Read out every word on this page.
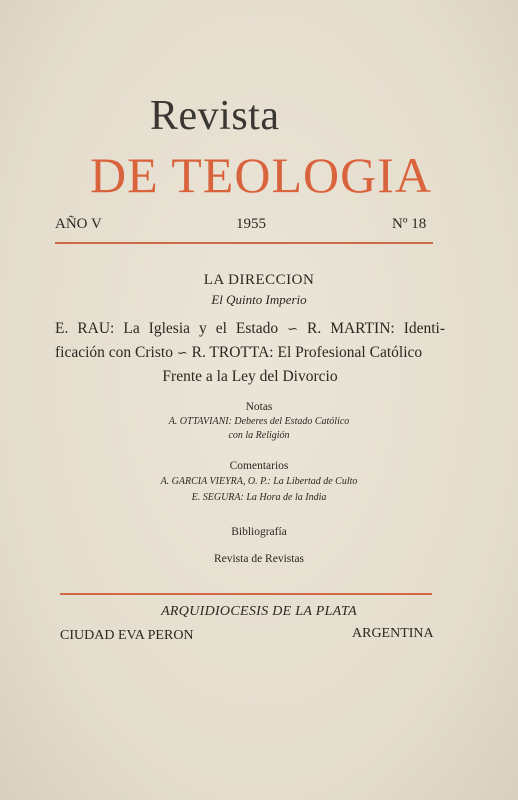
Revista
DE TEOLOGIA
AÑO V	1955	Nº 18
LA DIRECCION
El Quinto Imperio
E. RAU: La Iglesia y el Estado ∽ R. MARTIN: Identi- ficación con Cristo ∽ R. TROTTA: El Profesional Católico
Frente a la Ley del Divorcio
Notas
A. OTTAVIANI: Deberes del Estado Católico
con la Religión
Comentarios
A. GARCIA VIEYRA, O. P.: La Libertad de Culto
E. SEGURA: La Hora de la India
Bibliografía
Revista de Revistas
ARQUIDIOCESIS DE LA PLATA
CIUDAD EVA PERON	ARGENTINA
